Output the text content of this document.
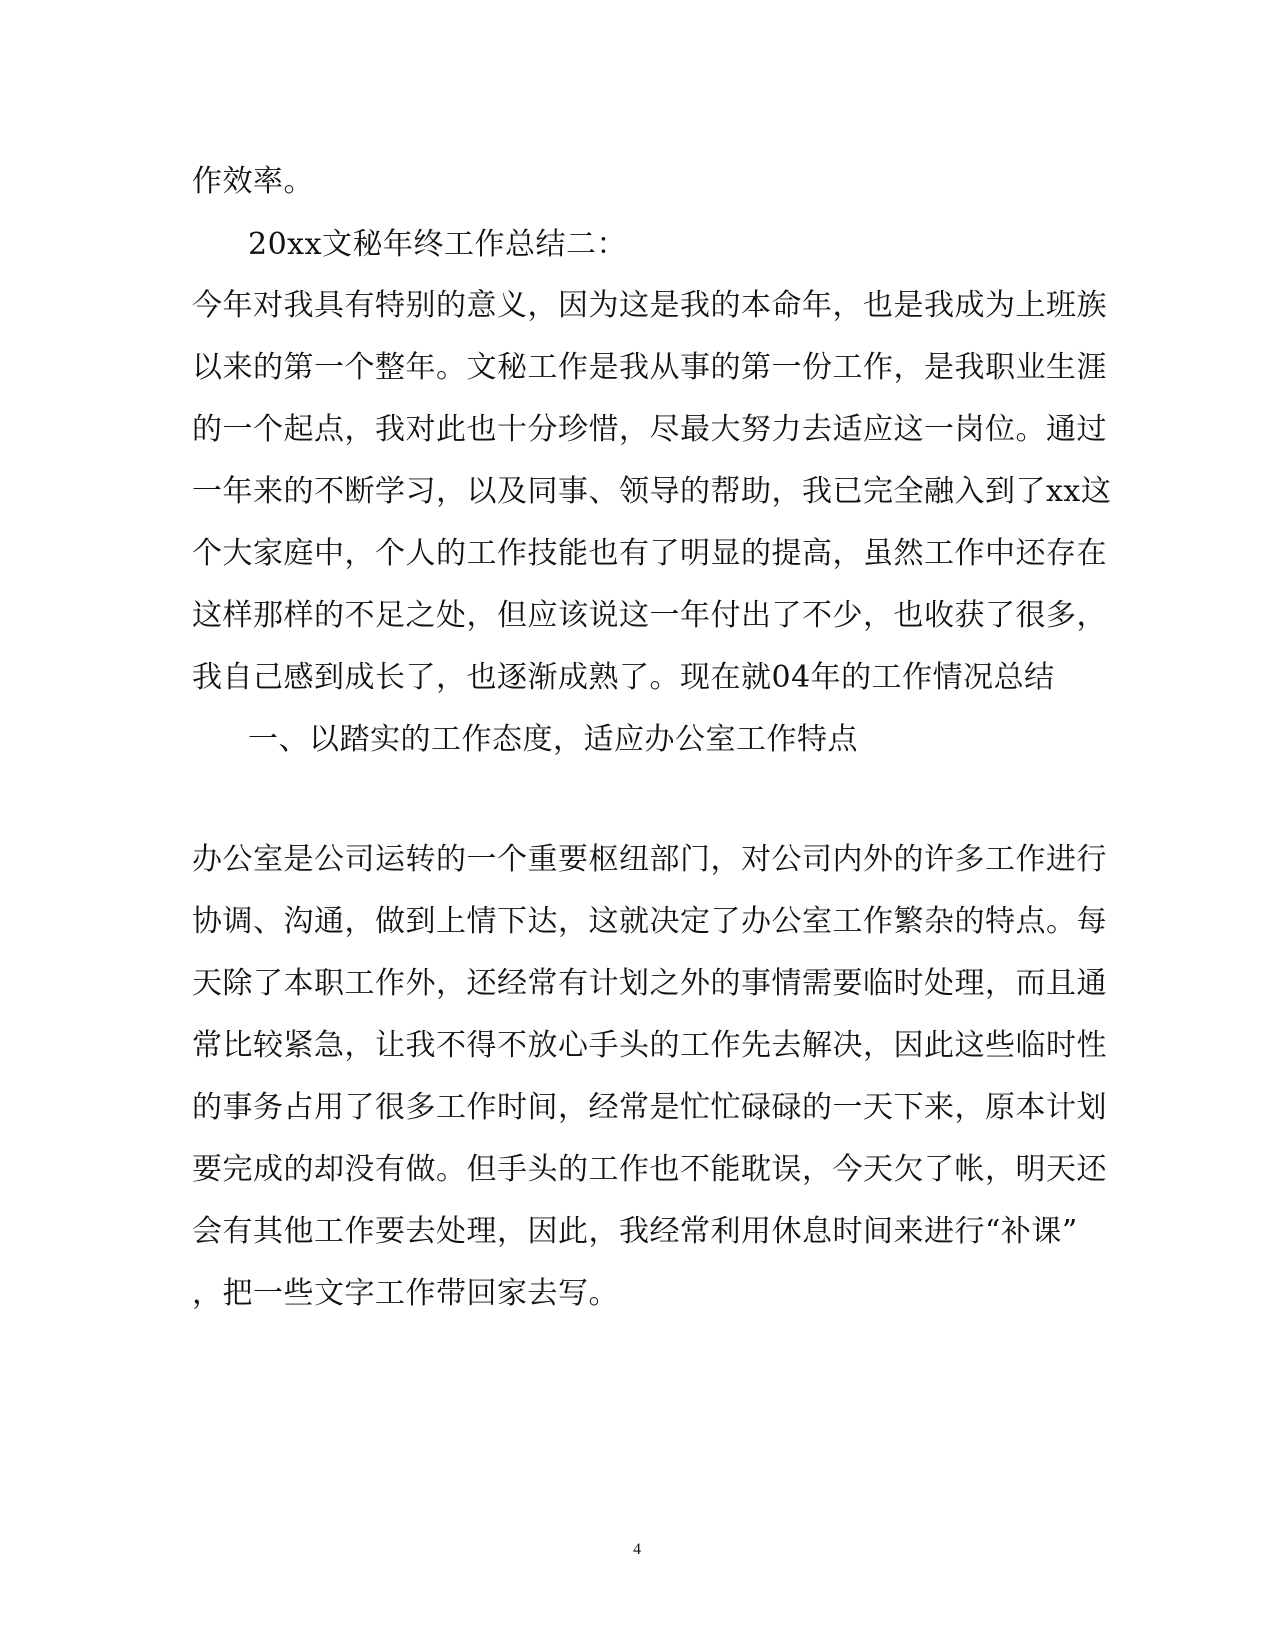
作效率。
20xx文秘年终工作总结二：
今年对我具有特别的意义，因为这是我的本命年，也是我成为上班族
以来的第一个整年。文秘工作是我从事的第一份工作，是我职业生涯
的一个起点，我对此也十分珍惜，尽最大努力去适应这一岗位。通过
一年来的不断学习，以及同事、领导的帮助，我已完全融入到了xx这
个大家庭中，个人的工作技能也有了明显的提高，虽然工作中还存在
这样那样的不足之处，但应该说这一年付出了不少，也收获了很多，
我自己感到成长了，也逐渐成熟了。现在就04年的工作情况总结
一、以踏实的工作态度，适应办公室工作特点
办公室是公司运转的一个重要枢纽部门，对公司内外的许多工作进行
协调、沟通，做到上情下达，这就决定了办公室工作繁杂的特点。每
天除了本职工作外，还经常有计划之外的事情需要临时处理，而且通
常比较紧急，让我不得不放心手头的工作先去解决，因此这些临时性
的事务占用了很多工作时间，经常是忙忙碌碌的一天下来，原本计划
要完成的却没有做。但手头的工作也不能耽误，今天欠了帐，明天还
会有其他工作要去处理，因此，我经常利用休息时间来进行“补课”
，把一些文字工作带回家去写。
4
